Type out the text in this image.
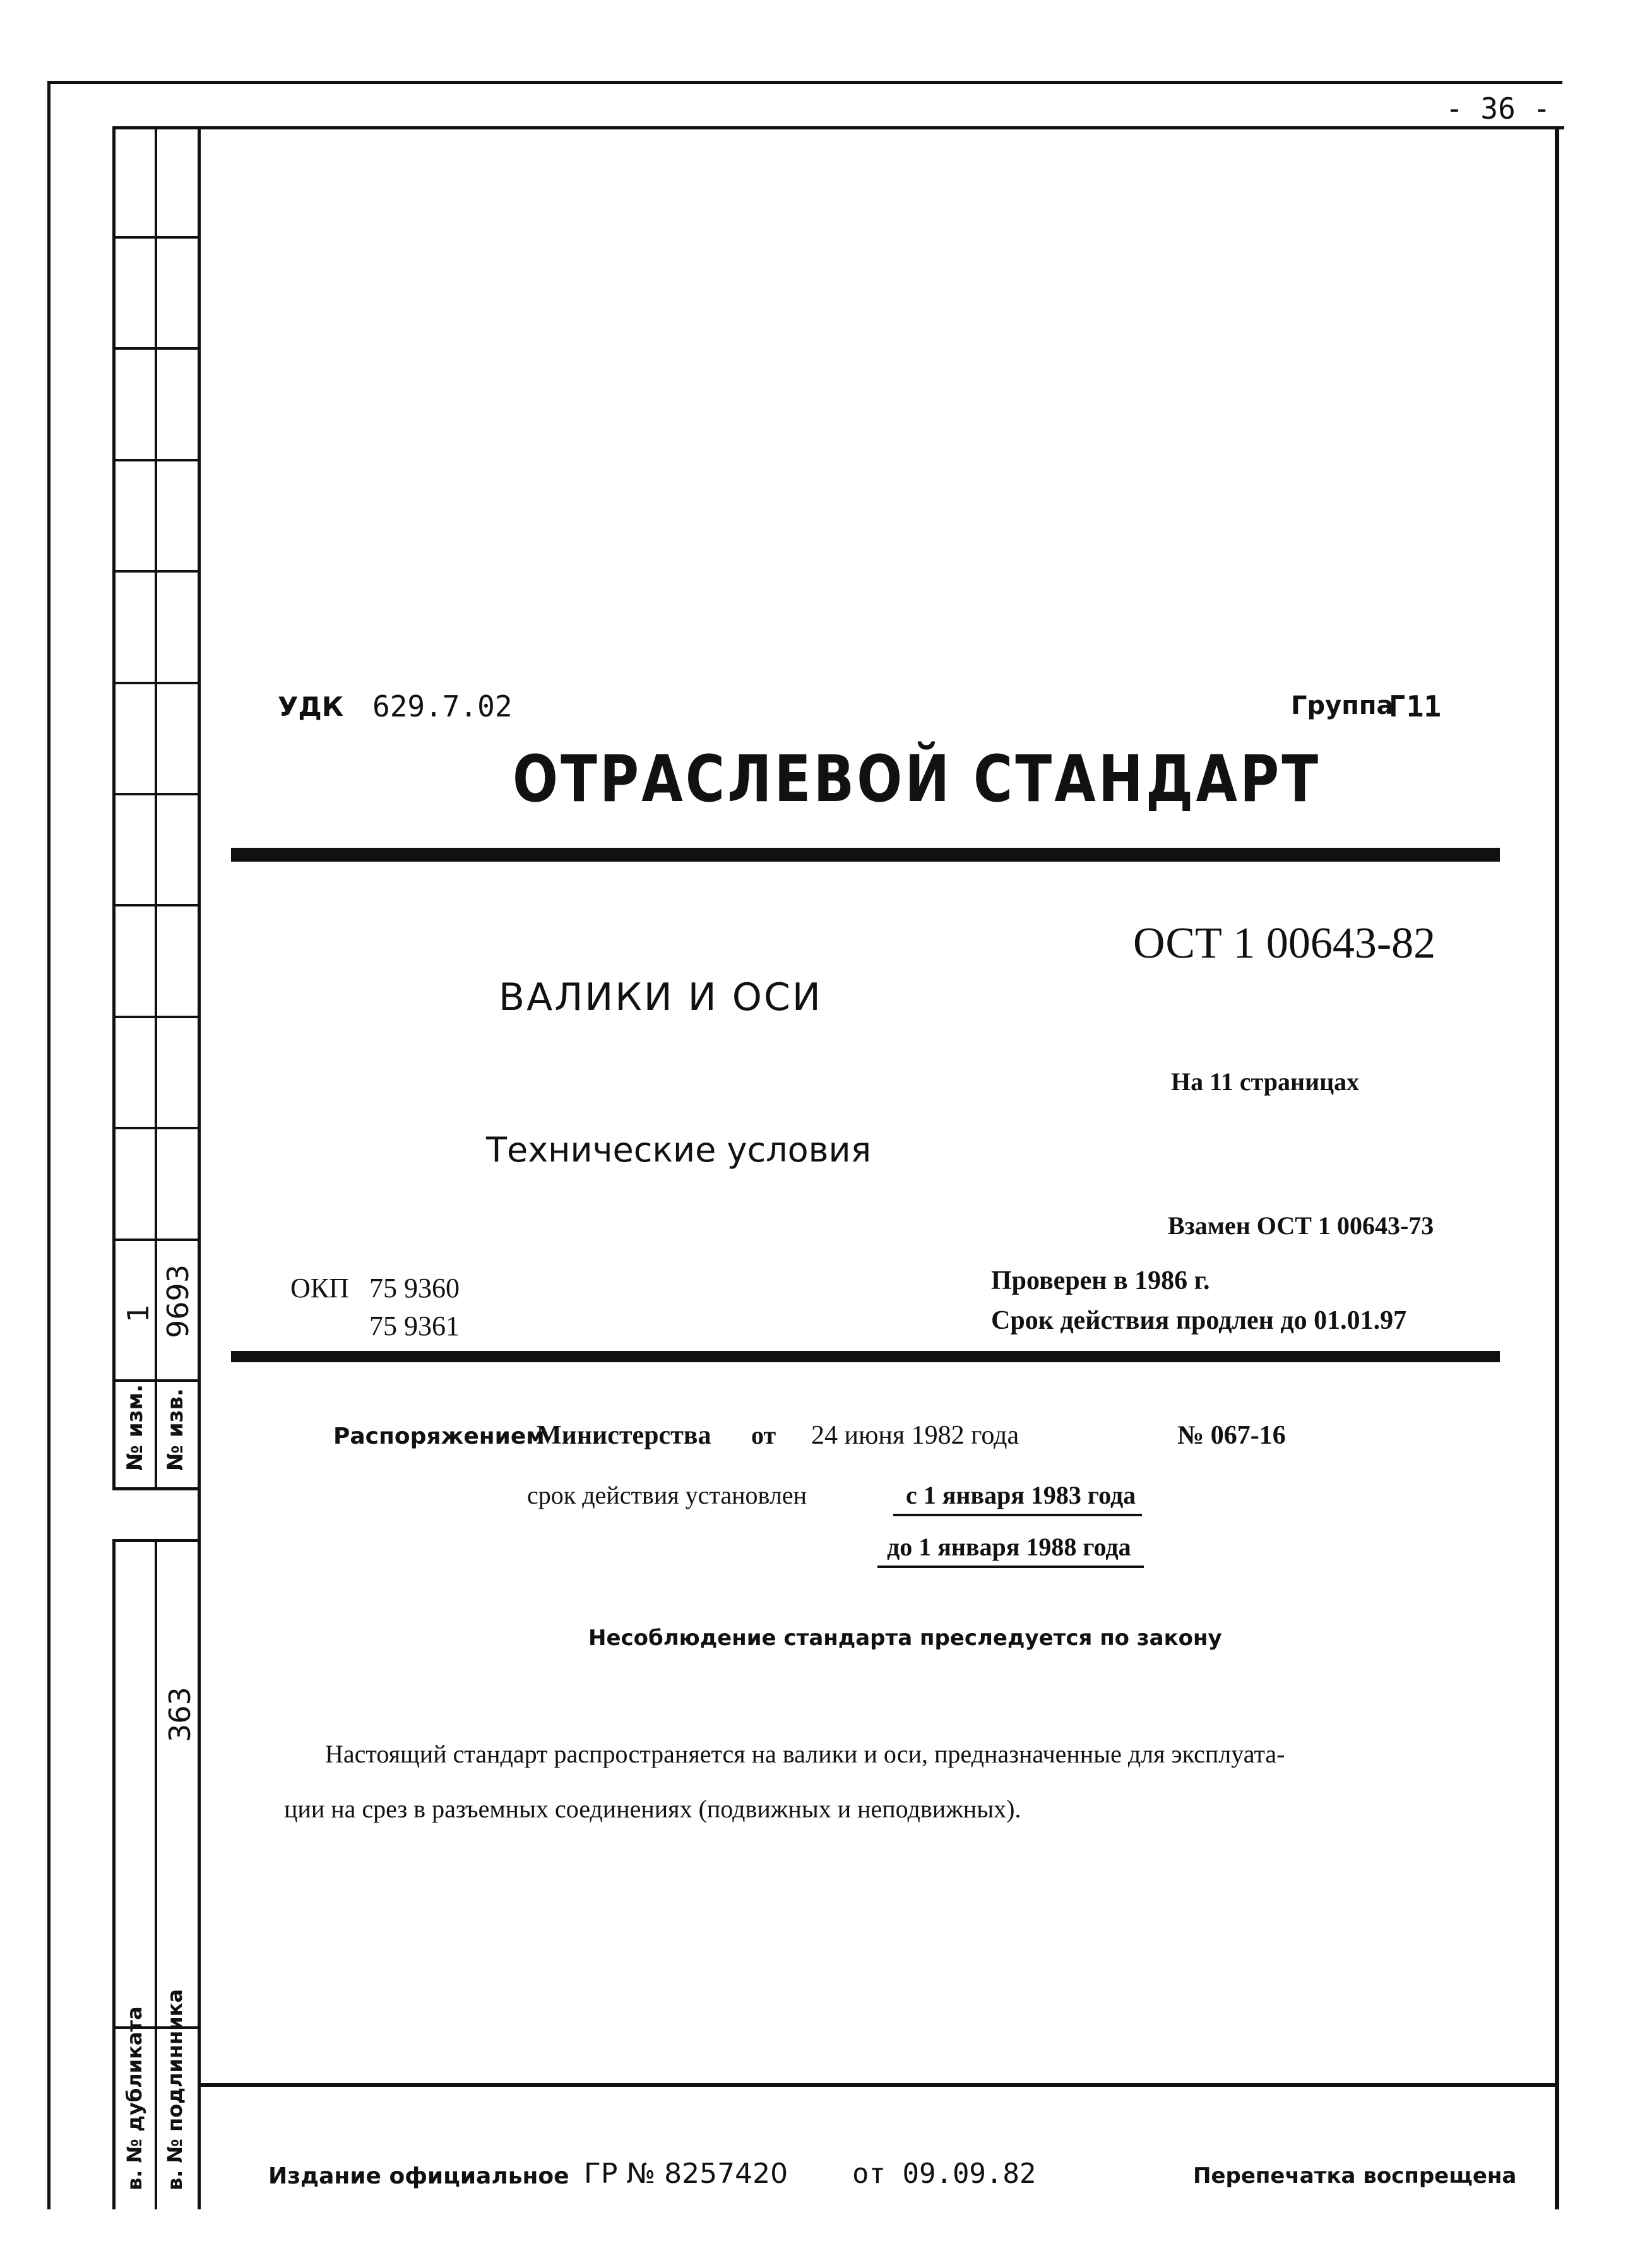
1 9693
№ изм. № изв.
363
в. № дубликата в. № подлинника
- 36 -
УДК 629.7.02	Группа
Г11
ОТРАСЛЕВОЙ СТАНДАРТ
ОСТ 1 00643-82
ВАЛИКИ И ОСИ
На 11 страницах
Технические условия
Взамен ОСТ 1 00643-73
ОКП 75 9360
75 9361
Проверен в 1986 г.
Срок действия продлен до 01.01.97
Распоряжением
Министерства от 24 июня 1982 года	№ 067-16
срок действия установлен	с 1 января 1983 года
до 1 января 1988 года
Несоблюдение стандарта преследуется по закону
Настоящий стандарт распространяется на валики и оси, предназначенные для эксплуата-
ции на срез в разъемных соединениях (подвижных и неподвижных).
Издание официальное ГР № 8257420 от 09.09.82	Перепечатка воспрещена
